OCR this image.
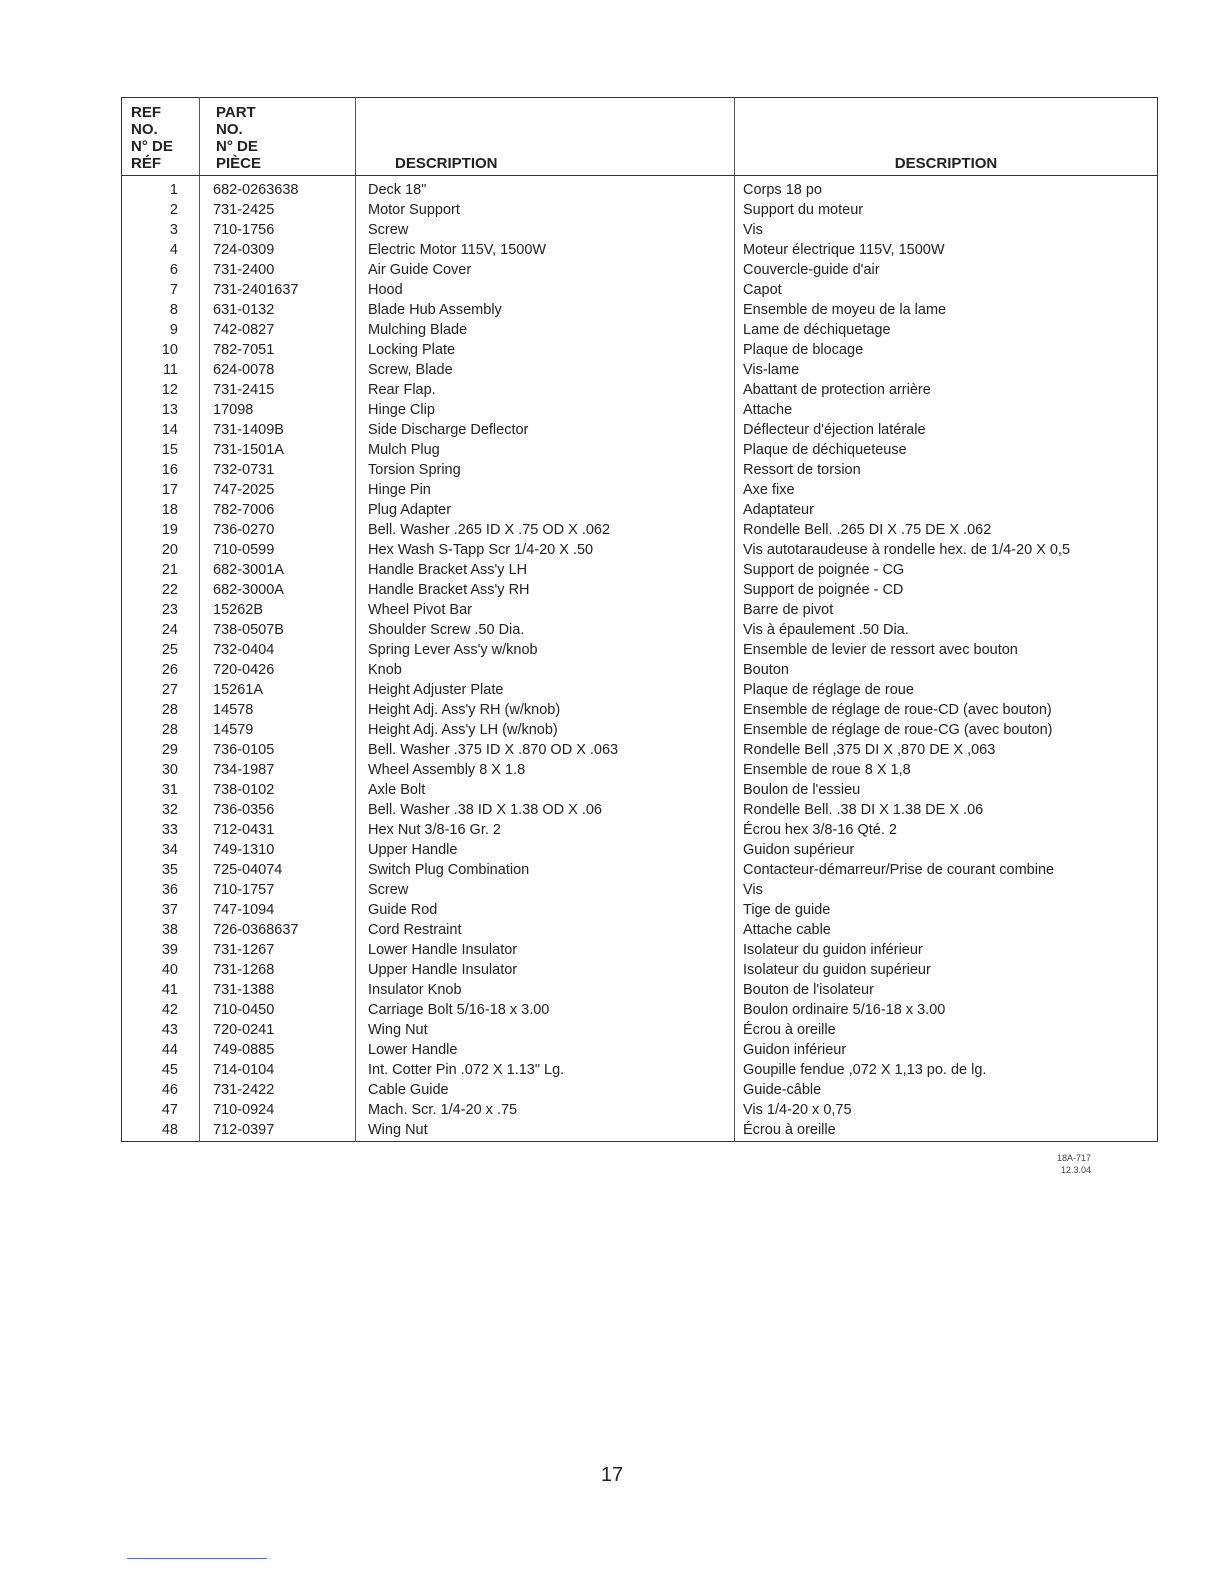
REF
NO.
N° DE
RÉF	PART
NO.
N° DE
PIÈCE	DESCRIPTION	DESCRIPTION
1	682-0263638	Deck 18"	Corps 18 po
2	731-2425	Motor Support	Support du moteur
3	710-1756	Screw	Vis
4	724-0309	Electric Motor 115V, 1500W	Moteur électrique 115V, 1500W
6	731-2400	Air Guide Cover	Couvercle-guide d'air
7	731-2401637	Hood	Capot
8	631-0132	Blade Hub Assembly	Ensemble de moyeu de la lame
9	742-0827	Mulching Blade	Lame de déchiquetage
10	782-7051	Locking Plate	Plaque de blocage
11	624-0078	Screw, Blade	Vis-lame
12	731-2415	Rear Flap.	Abattant de protection arrière
13	17098	Hinge Clip	Attache
14	731-1409B	Side Discharge Deflector	Déflecteur d'éjection latérale
15	731-1501A	Mulch Plug	Plaque de déchiqueteuse
16	732-0731	Torsion Spring	Ressort de torsion
17	747-2025	Hinge Pin	Axe fixe
18	782-7006	Plug Adapter	Adaptateur
19	736-0270	Bell. Washer .265 ID X .75 OD X .062	Rondelle Bell. .265 DI X .75 DE X .062
20	710-0599	Hex Wash S-Tapp Scr 1/4-20 X .50	Vis autotaraudeuse à rondelle hex. de 1/4-20 X 0,5
21	682-3001A	Handle Bracket Ass'y LH	Support de poignée - CG
22	682-3000A	Handle Bracket Ass'y RH	Support de poignée - CD
23	15262B	Wheel Pivot Bar	Barre de pivot
24	738-0507B	Shoulder Screw .50 Dia.	Vis à épaulement .50 Dia.
25	732-0404	Spring Lever Ass'y w/knob	Ensemble de levier de ressort avec bouton
26	720-0426	Knob	Bouton
27	15261A	Height Adjuster Plate	Plaque de réglage de roue
28	14578	Height Adj. Ass'y RH (w/knob)	Ensemble de réglage de roue-CD (avec bouton)
28	14579	Height Adj. Ass'y LH (w/knob)	Ensemble de réglage de roue-CG (avec bouton)
29	736-0105	Bell. Washer .375 ID X .870 OD X .063	Rondelle Bell ,375 DI X ,870 DE X ,063
30	734-1987	Wheel Assembly 8 X 1.8	Ensemble de roue 8 X 1,8
31	738-0102	Axle Bolt	Boulon de l'essieu
32	736-0356	Bell. Washer .38 ID X 1.38 OD X .06	Rondelle Bell. .38 DI X 1.38 DE X .06
33	712-0431	Hex Nut 3/8-16 Gr. 2	Écrou hex 3/8-16 Qté. 2
34	749-1310	Upper Handle	Guidon supérieur
35	725-04074	Switch Plug Combination	Contacteur-démarreur/Prise de courant combine
36	710-1757	Screw	Vis
37	747-1094	Guide Rod	Tige de guide
38	726-0368637	Cord Restraint	Attache cable
39	731-1267	Lower Handle Insulator	Isolateur du guidon inférieur
40	731-1268	Upper Handle Insulator	Isolateur du guidon supérieur
41	731-1388	Insulator Knob	Bouton de l'isolateur
42	710-0450	Carriage Bolt 5/16-18 x 3.00	Boulon ordinaire 5/16-18 x 3.00
43	720-0241	Wing Nut	Écrou à oreille
44	749-0885	Lower Handle	Guidon inférieur
45	714-0104	Int. Cotter Pin .072 X 1.13" Lg.	Goupille fendue ,072 X 1,13 po. de lg.
46	731-2422	Cable Guide	Guide-câble
47	710-0924	Mach. Scr. 1/4-20 x .75	Vis 1/4-20 x 0,75
48	712-0397	Wing Nut	Écrou à oreille
18A-717
12.3.04
17
